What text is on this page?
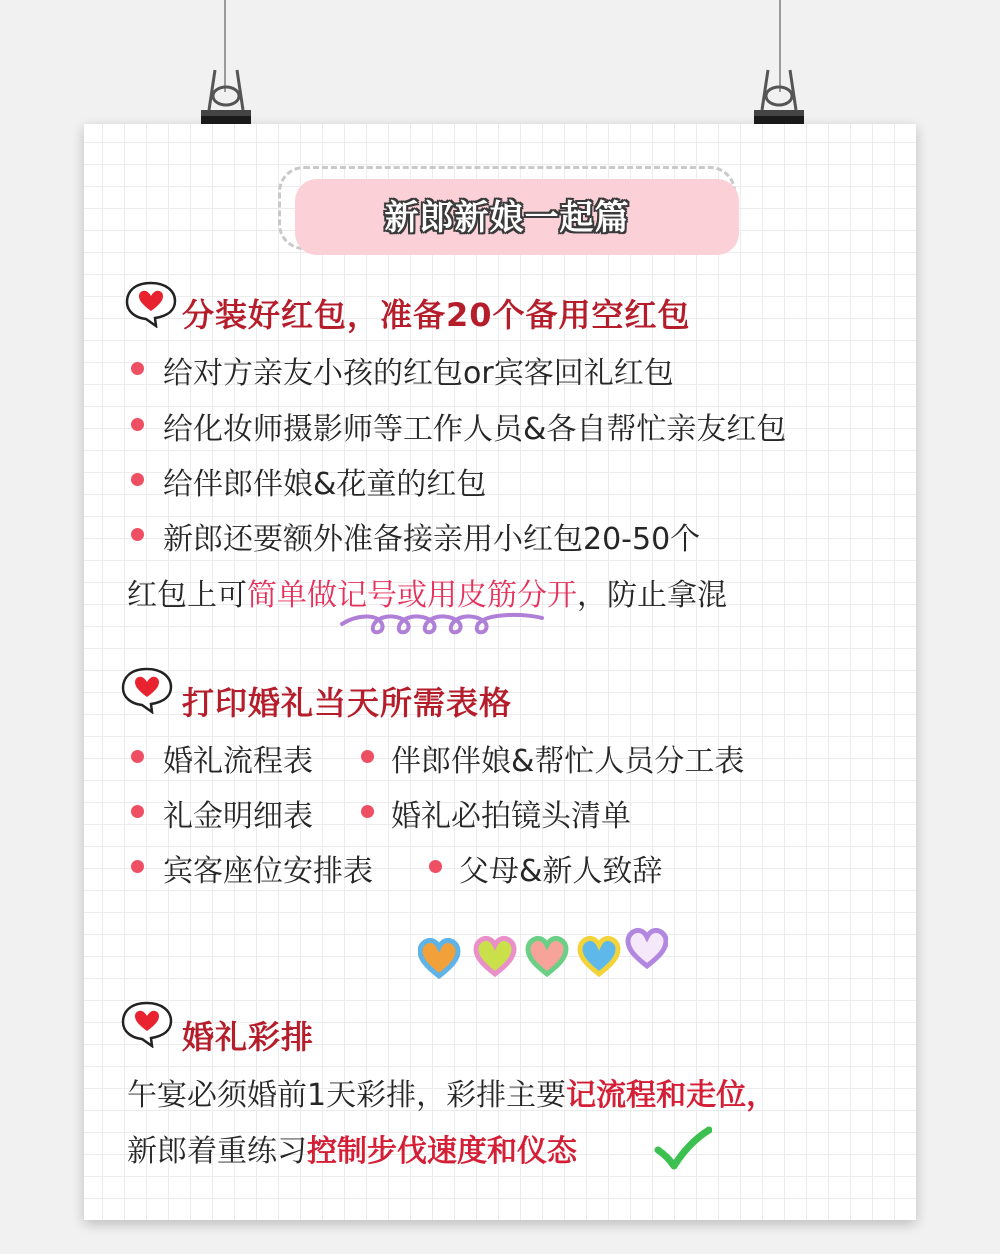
新郎新娘一起篇
分装好红包，准备20个备用空红包
给对方亲友小孩的红包or宾客回礼红包
给化妆师摄影师等工作人员&各自帮忙亲友红包
给伴郎伴娘&花童的红包
新郎还要额外准备接亲用小红包20-50个
红包上可简单做记号或用皮筋分开，防止拿混
打印婚礼当天所需表格
婚礼流程表	伴郎伴娘&帮忙人员分工表
礼金明细表	婚礼必拍镜头清单
宾客座位安排表	父母&新人致辞
婚礼彩排
午宴必须婚前1天彩排，彩排主要记流程和走位，
新郎着重练习控制步伐速度和仪态
